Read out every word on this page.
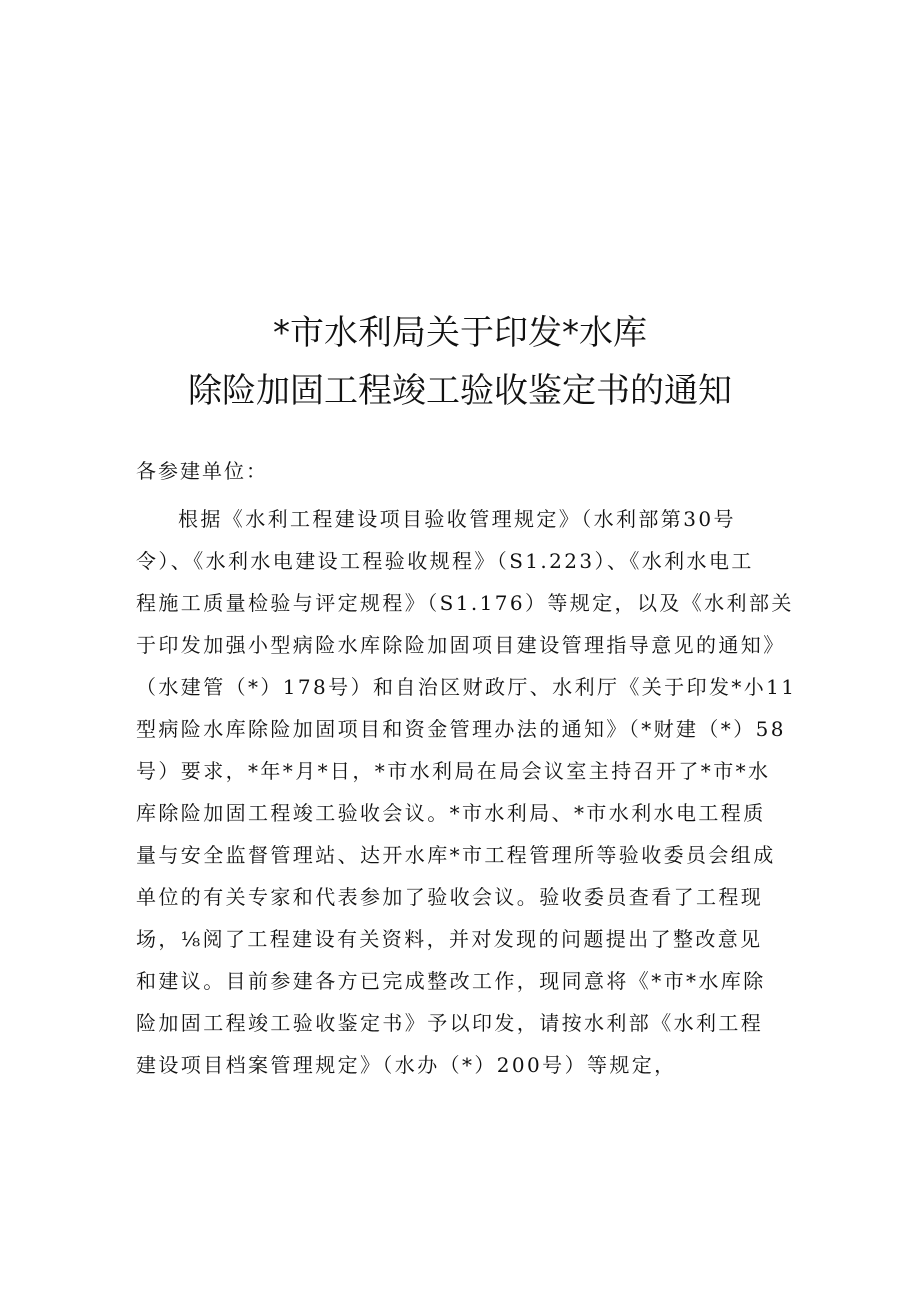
*市水利局关于印发*水库
除险加固工程竣工验收鉴定书的通知
各参建单位：
根据《水利工程建设项目验收管理规定》（水利部第30号
令）、《水利水电建设工程验收规程》（S1.223）、《水利水电工
程施工质量检验与评定规程》（S1.176）等规定，以及《水利部关
于印发加强小型病险水库除险加固项目建设管理指导意见的通知》
（水建管（*）178号）和自治区财政厅、水利厅《关于印发*小11
型病险水库除险加固项目和资金管理办法的通知》（*财建（*）58
号）要求，*年*月*日，*市水利局在局会议室主持召开了*市*水
库除险加固工程竣工验收会议。*市水利局、*市水利水电工程质
量与安全监督管理站、达开水库*市工程管理所等验收委员会组成
单位的有关专家和代表参加了验收会议。验收委员查看了工程现
场，⅛阅了工程建设有关资料，并对发现的问题提出了整改意见
和建议。目前参建各方已完成整改工作，现同意将《*市*水库除
险加固工程竣工验收鉴定书》予以印发，请按水利部《水利工程
建设项目档案管理规定》（水办（*）200号）等规定，
